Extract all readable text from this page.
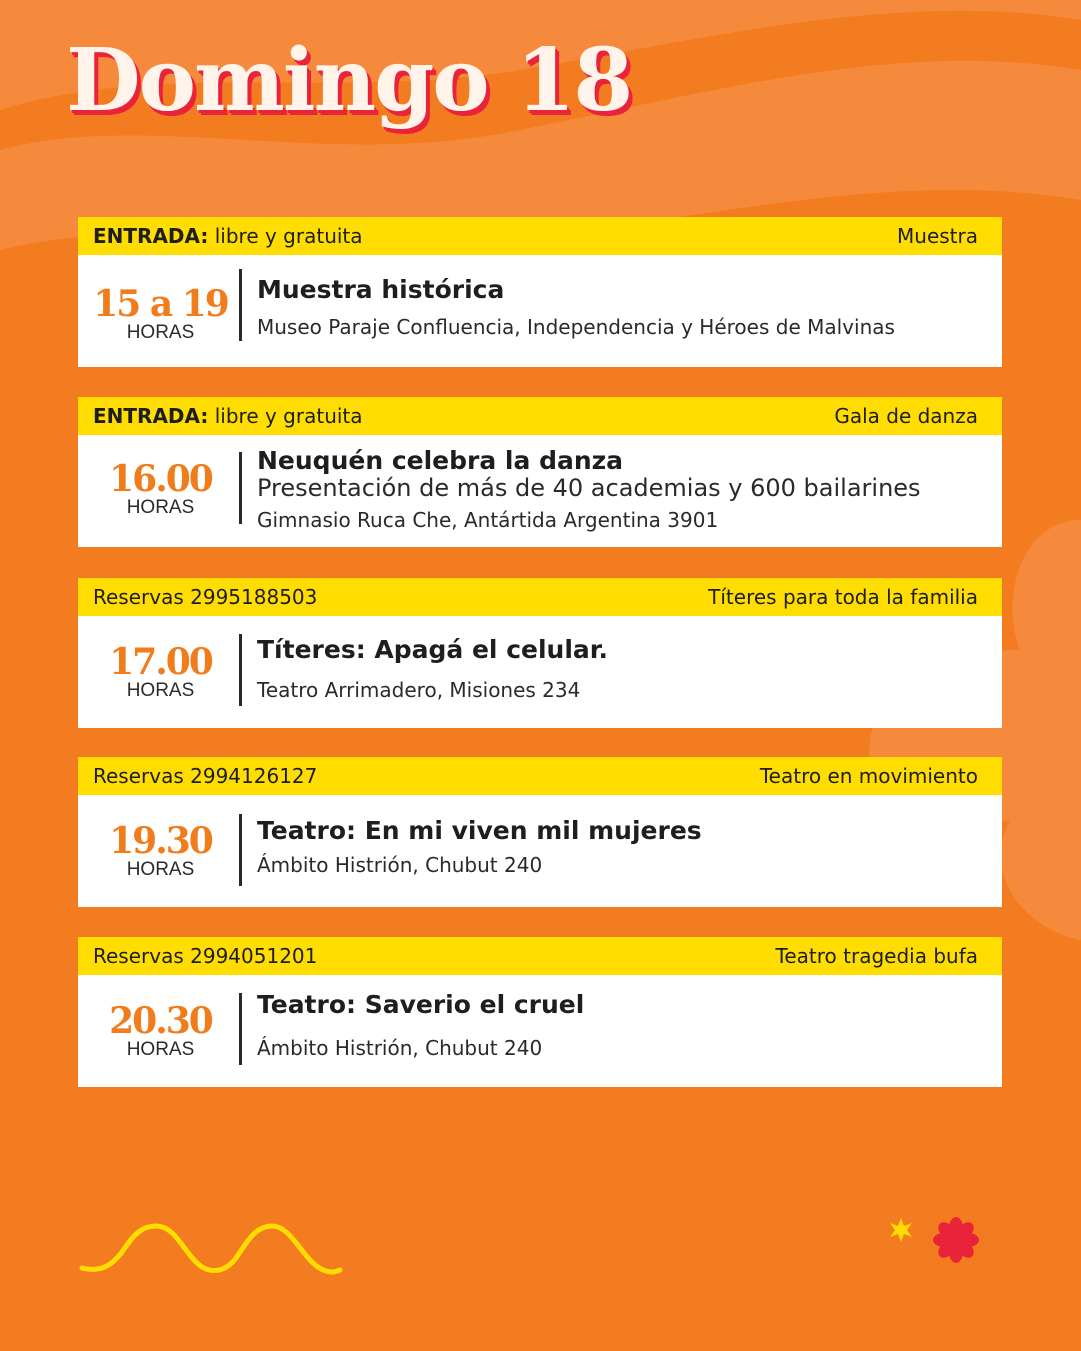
Domingo 18
ENTRADA: libre y gratuita	Muestra
15 a 19
HORAS
Muestra histórica
Museo Paraje Confluencia, Independencia y Héroes de Malvinas
ENTRADA: libre y gratuita	Gala de danza
16.00
HORAS
Neuquén celebra la danza
Presentación de más de 40 academias y 600 bailarines
Gimnasio Ruca Che, Antártida Argentina 3901
Reservas 2995188503	Títeres para toda la familia
17.00
HORAS
Títeres: Apagá el celular.
Teatro Arrimadero, Misiones 234
Reservas 2994126127	Teatro en movimiento
19.30
HORAS
Teatro: En mi viven mil mujeres
Ámbito Histrión, Chubut 240
Reservas 2994051201	Teatro tragedia bufa
20.30
HORAS
Teatro: Saverio el cruel
Ámbito Histrión, Chubut 240
